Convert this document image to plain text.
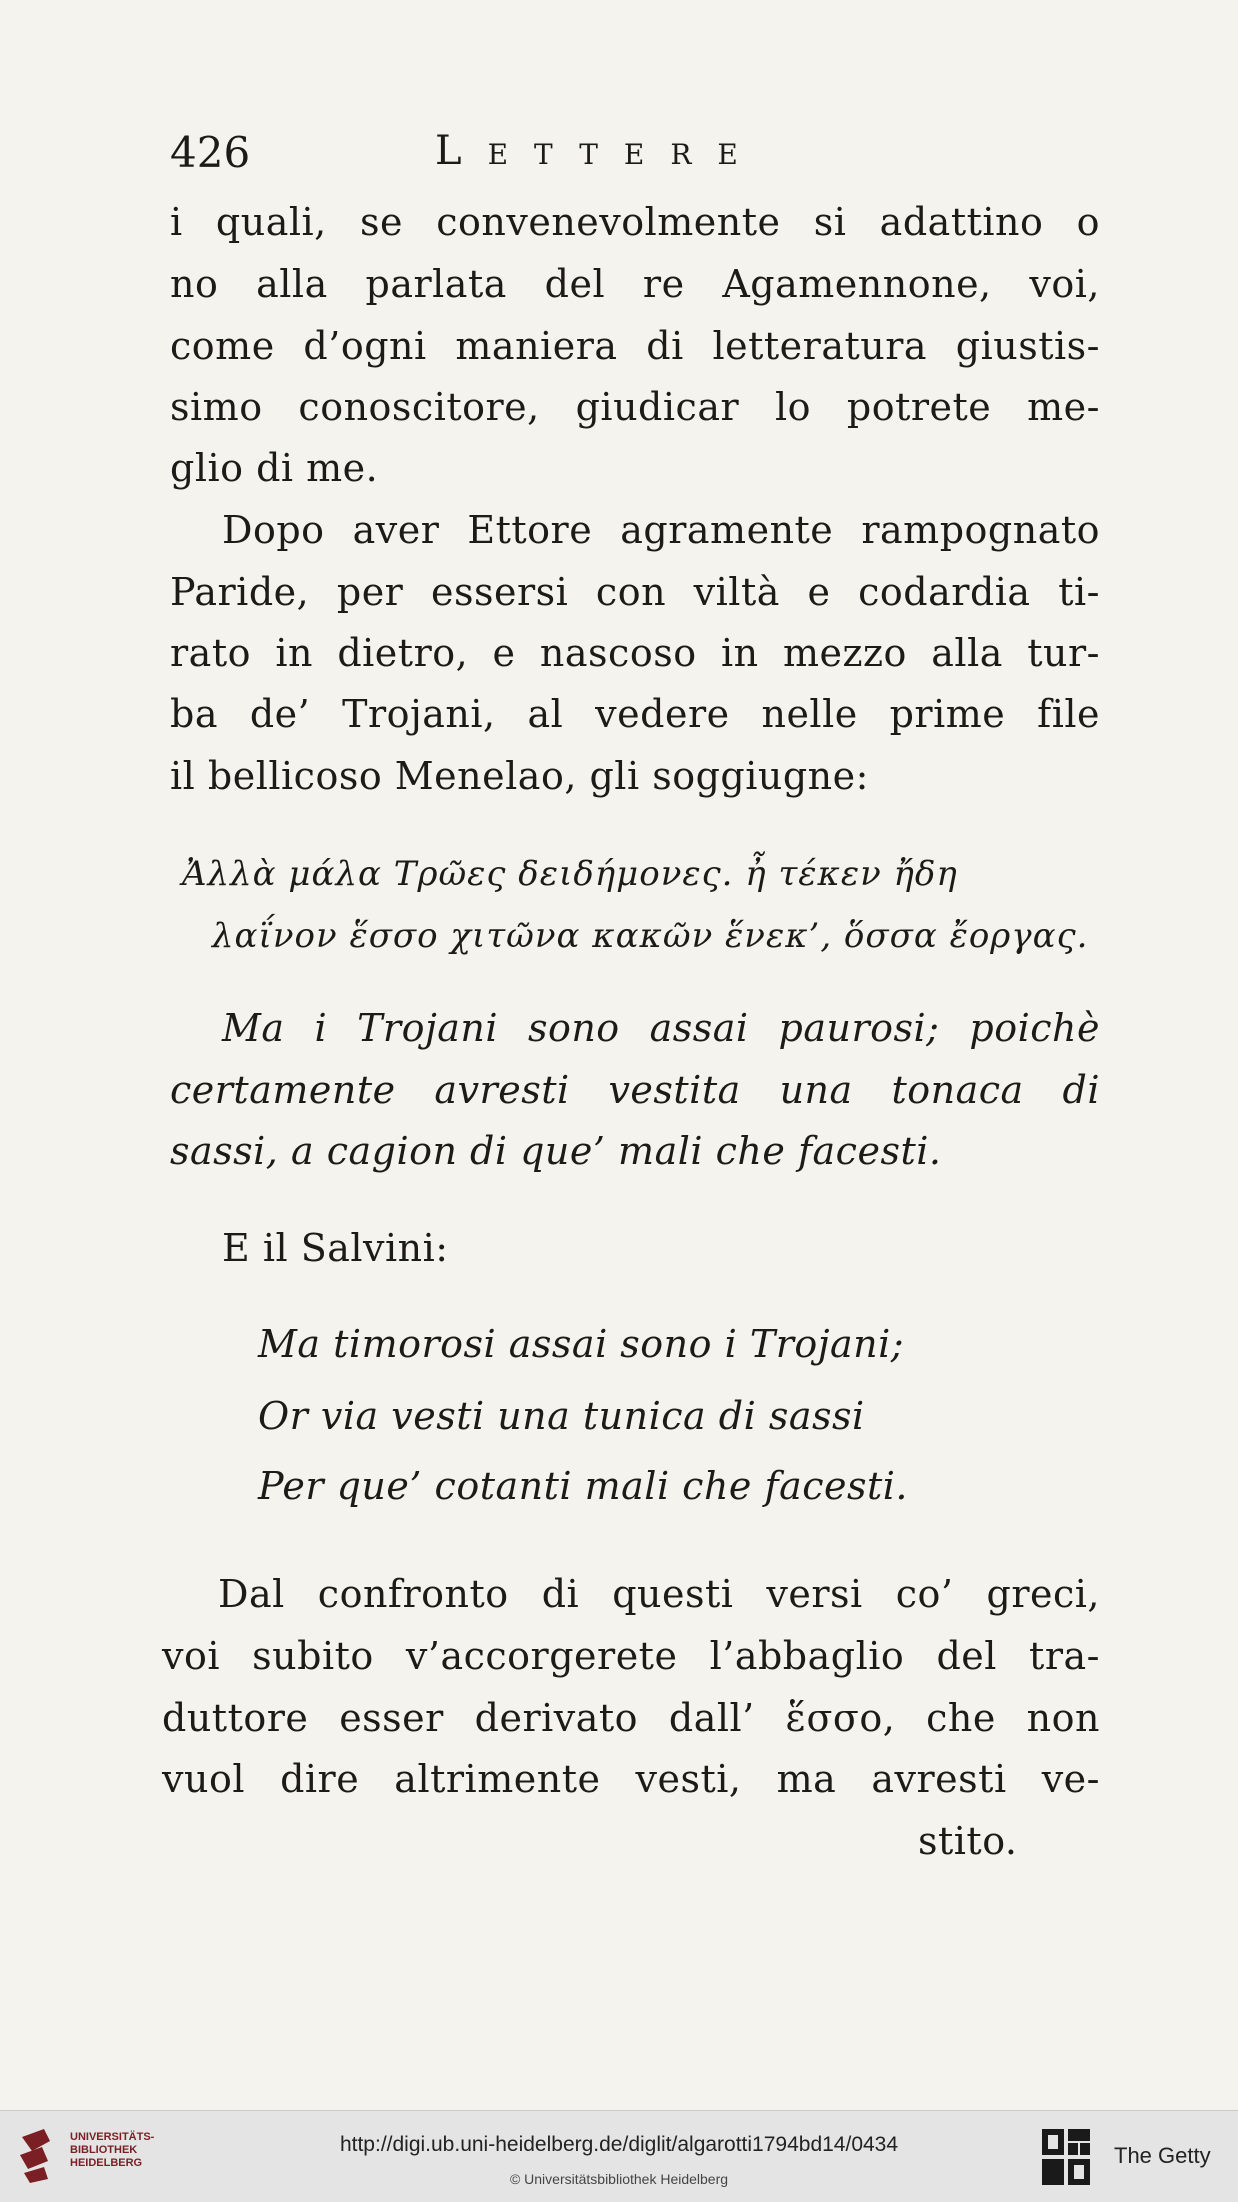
426	Lettere
i quali, se convenevolmente si adattino o
no alla parlata del re Agamennone, voi,
come d’ogni maniera di letteratura giustis-
simo conoscitore, giudicar lo potrete me-
glio di me.
Dopo aver Ettore agramente rampognato
Paride, per essersi con viltà e codardia ti-
rato in dietro, e nascoso in mezzo alla tur-
ba de’ Trojani, al vedere nelle prime file
il bellicoso Menelao, gli soggiugne:
Ἀλλὰ μάλα Τρῶες δειδήμονες. ἦ τέκεν ἤδη
λαΐνον ἕσσο χιτῶνα κακῶν ἕνεκ’, ὅσσα ἔοργας.
Ma i Trojani sono assai paurosi; poichè
certamente avresti vestita una tonaca di
sassi, a cagion di que’ mali che facesti.
E il Salvini:
Ma timorosi assai sono i Trojani;
Or via vesti una tunica di sassi
Per que’ cotanti mali che facesti.
Dal confronto di questi versi co’ greci,
voi subito v’accorgerete l’abbaglio del tra-
duttore esser derivato dall’ ἕσσο, che non
vuol dire altrimente vesti, ma avresti ve-
stito.
UNIVERSITÄTS-
BIBLIOTHEK
HEIDELBERG
http://digi.ub.uni-heidelberg.de/diglit/algarotti1794bd14/0434
© Universitätsbibliothek Heidelberg
The Getty
